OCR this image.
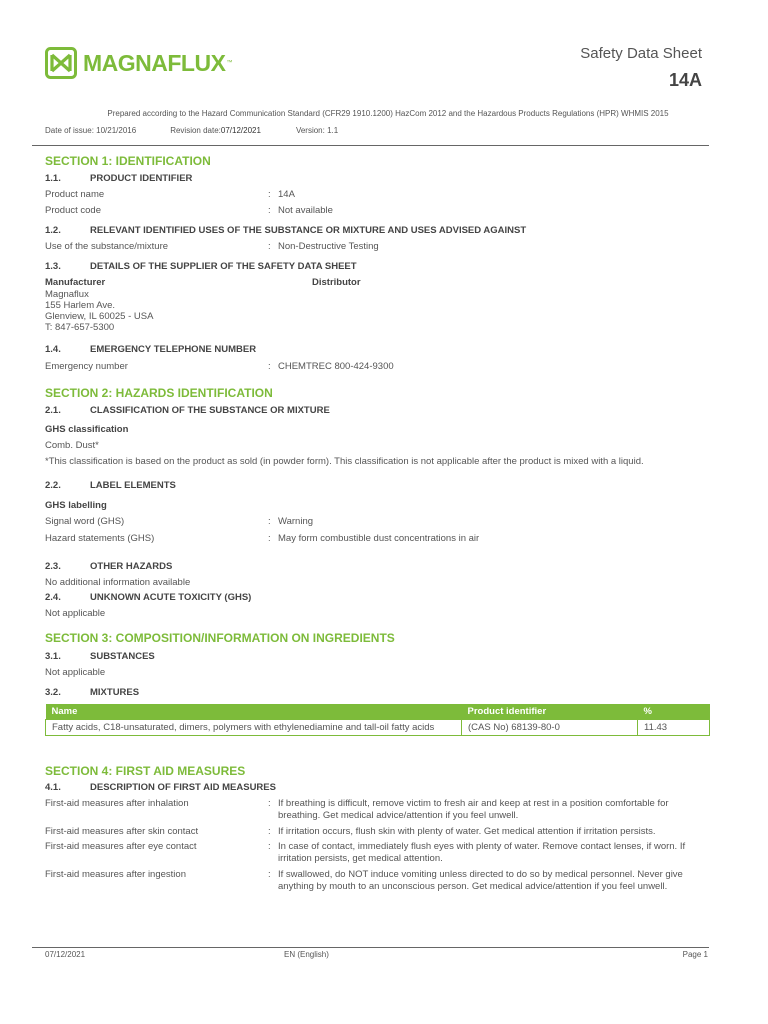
MAGNAFLUX ™
Safety Data Sheet
14A
Prepared according to the Hazard Communication Standard (CFR29 1910.1200) HazCom 2012 and the Hazardous Products Regulations (HPR) WHMIS 2015
Date of issue: 10/21/2016	Revision date:07/12/2021	Version: 1.1
SECTION 1: IDENTIFICATION
1.1.	PRODUCT IDENTIFIER
Product name	: 14A
Product code	: Not available
1.2.	RELEVANT IDENTIFIED USES OF THE SUBSTANCE OR MIXTURE AND USES ADVISED AGAINST
Use of the substance/mixture	: Non-Destructive Testing
1.3.	DETAILS OF THE SUPPLIER OF THE SAFETY DATA SHEET
Manufacturer	Distributor
Magnaflux
155 Harlem Ave.
Glenview, IL 60025 - USA
T: 847-657-5300
1.4.	EMERGENCY TELEPHONE NUMBER
Emergency number	: CHEMTREC 800-424-9300
SECTION 2: HAZARDS IDENTIFICATION
2.1.	CLASSIFICATION OF THE SUBSTANCE OR MIXTURE
GHS classification
Comb. Dust*
*This classification is based on the product as sold (in powder form). This classification is not applicable after the product is mixed with a liquid.
2.2.	LABEL ELEMENTS
GHS labelling
Signal word (GHS)	: Warning
Hazard statements (GHS)	: May form combustible dust concentrations in air
2.3.	OTHER HAZARDS
No additional information available
2.4.	UNKNOWN ACUTE TOXICITY (GHS)
Not applicable
SECTION 3: COMPOSITION/INFORMATION ON INGREDIENTS
3.1.	SUBSTANCES
Not applicable
3.2.	MIXTURES
Name	Product identifier	%
Fatty acids, C18-unsaturated, dimers, polymers with ethylenediamine and tall-oil fatty acids	(CAS No) 68139-80-0	11.43
SECTION 4: FIRST AID MEASURES
4.1.	DESCRIPTION OF FIRST AID MEASURES
First-aid measures after inhalation	: If breathing is difficult, remove victim to fresh air and keep at rest in a position comfortable for breathing. Get medical advice/attention if you feel unwell.
First-aid measures after skin contact	: If irritation occurs, flush skin with plenty of water. Get medical attention if irritation persists.
First-aid measures after eye contact	: In case of contact, immediately flush eyes with plenty of water. Remove contact lenses, if worn. If irritation persists, get medical attention.
First-aid measures after ingestion	: If swallowed, do NOT induce vomiting unless directed to do so by medical personnel. Never give anything by mouth to an unconscious person. Get medical advice/attention if you feel unwell.
07/12/2021	EN (English)	Page 1
